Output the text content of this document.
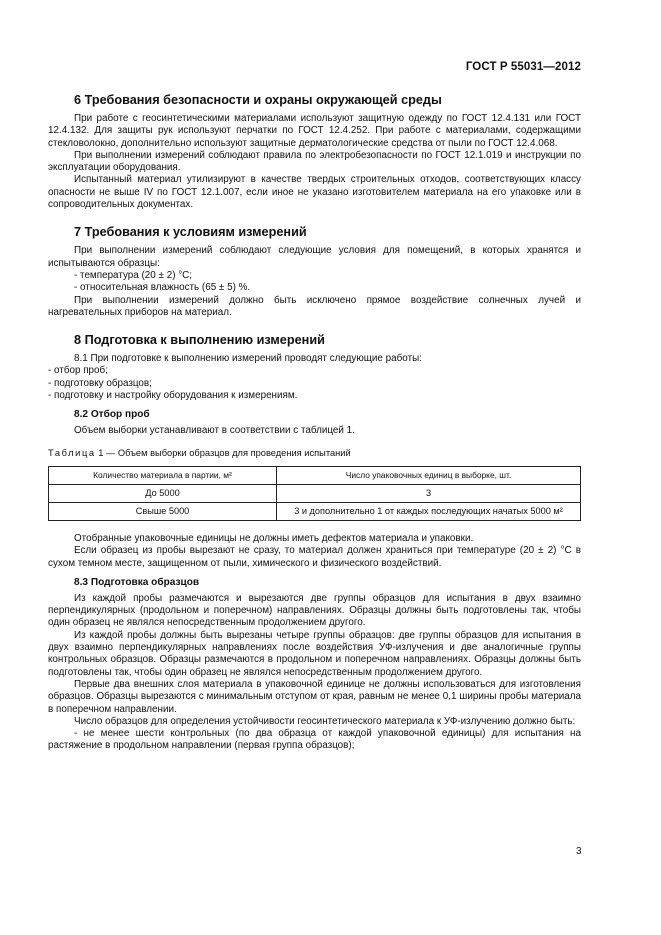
ГОСТ Р 55031—2012
6 Требования безопасности и охраны окружающей среды

При работе с геосинтетическими материалами используют защитную одежду по ГОСТ 12.4.131 или ГОСТ 12.4.132. Для защиты рук используют перчатки по ГОСТ 12.4.252. При работе с материалами, содержащими стекловолокно, дополнительно используют защитные дерматологические средства от пыли по ГОСТ 12.4.068.

При выполнении измерений соблюдают правила по электробезопасности по ГОСТ 12.1.019 и инструкции по эксплуатации оборудования.

Испытанный материал утилизируют в качестве твердых строительных отходов, соответствующих классу опасности не выше IV по ГОСТ 12.1.007, если иное не указано изготовителем материала на его упаковке или в сопроводительных документах.

7 Требования к условиям измерений

При выполнении измерений соблюдают следующие условия для помещений, в которых хранятся и испытываются образцы:

- температура (20 ± 2) °С;

- относительная влажность (65 ± 5) %.

При выполнении измерений должно быть исключено прямое воздействие солнечных лучей и нагревательных приборов на материал.

8 Подготовка к выполнению измерений

8.1 При подготовке к выполнению измерений проводят следующие работы:

- отбор проб;

- подготовку образцов;

- подготовку и настройку оборудования к измерениям.

8.2 Отбор проб

Объем выборки устанавливают в соответствии с таблицей 1.

Таблица 1 — Объем выборки образцов для проведения испытаний

Количество материала в партии, м²	Число упаковочных единиц в выборке, шт.
До 5000	3
Свыше 5000	3 и дополнительно 1 от каждых последующих начатых 5000 м²

Отобранные упаковочные единицы не должны иметь дефектов материала и упаковки.

Если образец из пробы вырезают не сразу, то материал должен храниться при температуре (20 ± 2) °С в сухом темном месте, защищенном от пыли, химического и физического воздействий.

8.3 Подготовка образцов

Из каждой пробы размечаются и вырезаются две группы образцов для испытания в двух взаимно перпендикулярных (продольном и поперечном) направлениях. Образцы должны быть подготовлены так, чтобы один образец не являлся непосредственным продолжением другого.

Из каждой пробы должны быть вырезаны четыре группы образцов: две группы образцов для испытания в двух взаимно перпендикулярных направлениях после воздействия УФ-излучения и две аналогичные группы контрольных образцов. Образцы размечаются в продольном и поперечном направлениях. Образцы должны быть подготовлены так, чтобы один образец не являлся непосредственным продолжением другого.

Первые два внешних слоя материала в упаковочной единице не должны использоваться для изготовления образцов. Образцы вырезаются с минимальным отступом от края, равным не менее 0,1 ширины пробы материала в поперечном направлении.

Число образцов для определения устойчивости геосинтетического материала к УФ-излучению должно быть:

- не менее шести контрольных (по два образца от каждой упаковочной единицы) для испытания на растяжение в продольном направлении (первая группа образцов);

3
